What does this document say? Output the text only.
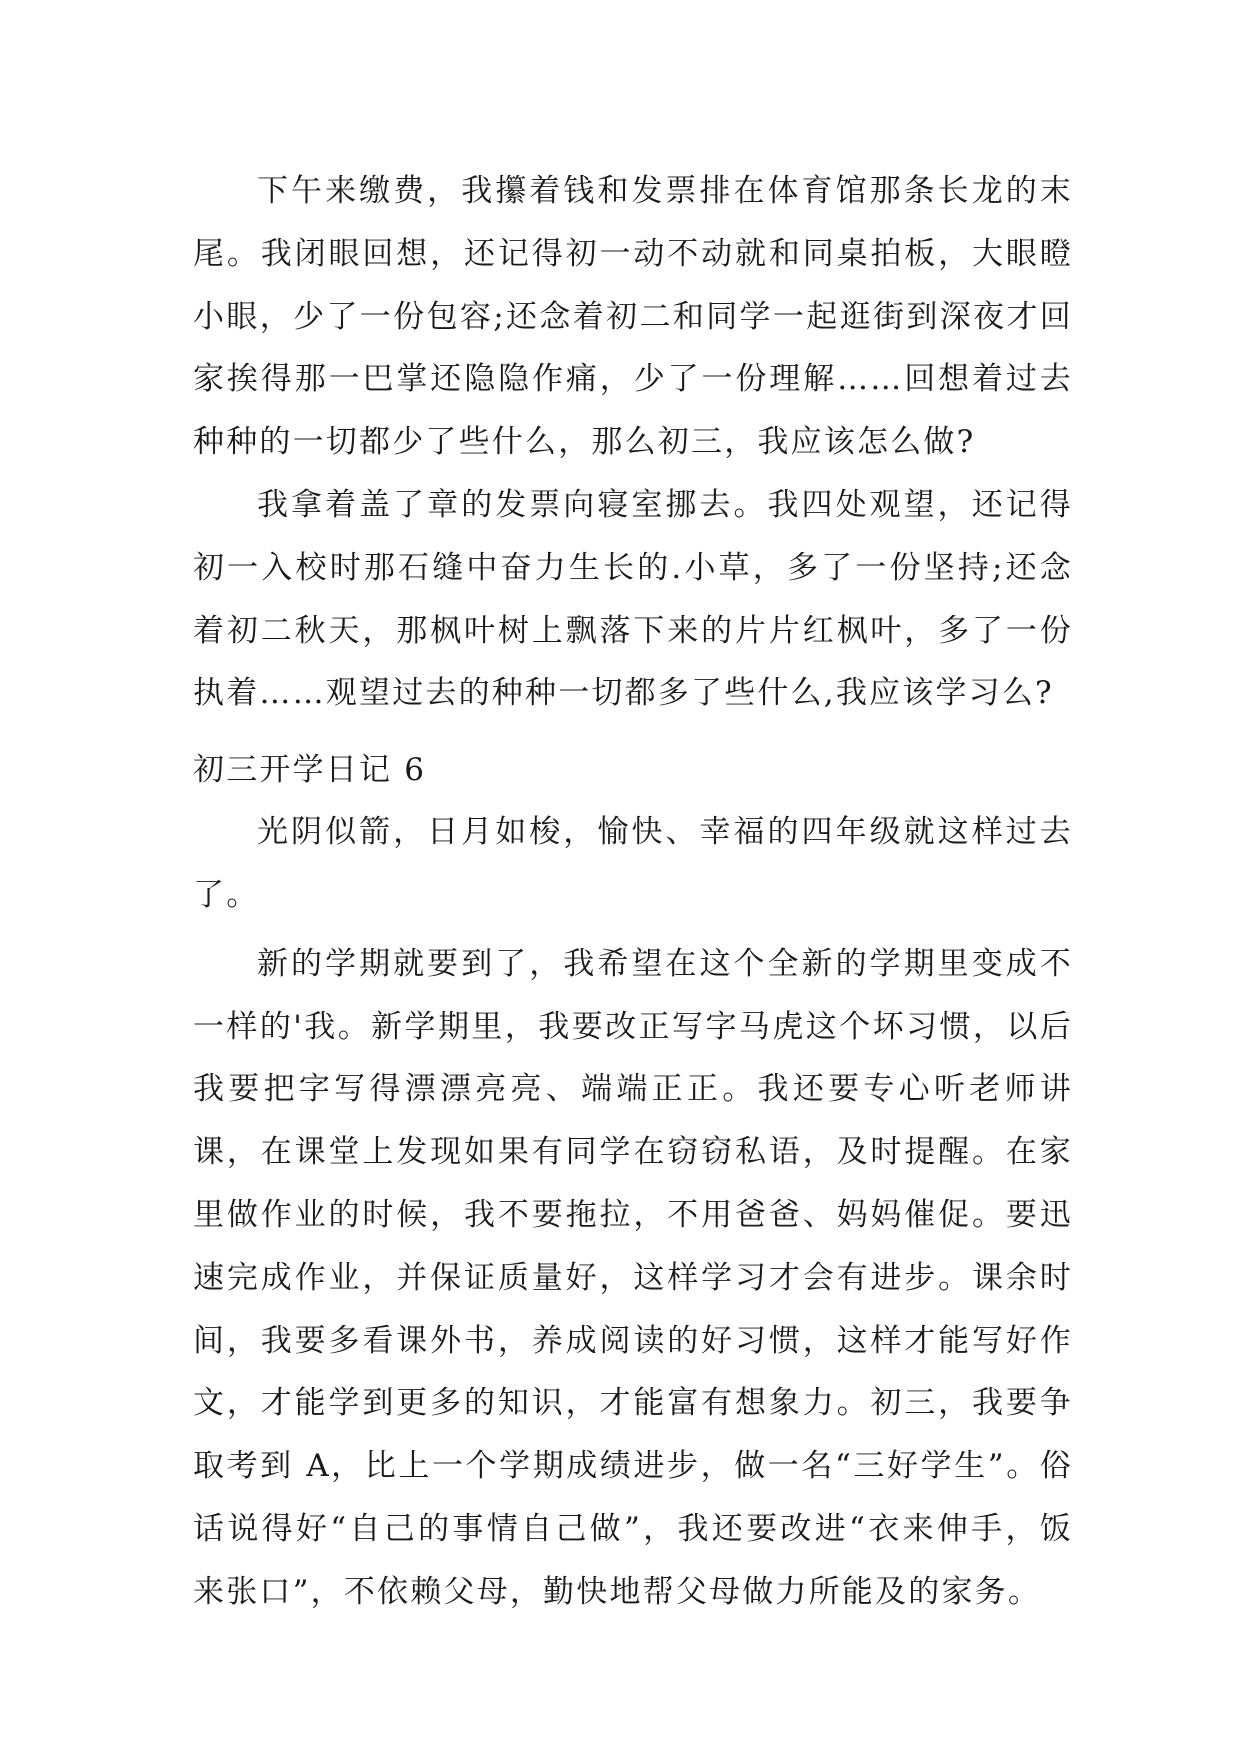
下午来缴费，我攥着钱和发票排在体育馆那条长龙的末尾。我闭眼回想，还记得初一动不动就和同桌拍板，大眼瞪小眼，少了一份包容;还念着初二和同学一起逛街到深夜才回家挨得那一巴掌还隐隐作痛，少了一份理解……回想着过去种种的一切都少了些什么，那么初三，我应该怎么做?

我拿着盖了章的发票向寝室挪去。我四处观望，还记得初一入校时那石缝中奋力生长的.小草，多了一份坚持;还念着初二秋天，那枫叶树上飘落下来的片片红枫叶，多了一份执着……观望过去的种种一切都多了些什么,我应该学习么?

初三开学日记 6

光阴似箭，日月如梭，愉快、幸福的四年级就这样过去了。

新的学期就要到了，我希望在这个全新的学期里变成不一样的'我。新学期里，我要改正写字马虎这个坏习惯，以后我要把字写得漂漂亮亮、端端正正。我还要专心听老师讲课，在课堂上发现如果有同学在窃窃私语，及时提醒。在家里做作业的时候，我不要拖拉，不用爸爸、妈妈催促。要迅速完成作业，并保证质量好，这样学习才会有进步。课余时间，我要多看课外书，养成阅读的好习惯，这样才能写好作文，才能学到更多的知识，才能富有想象力。初三，我要争取考到 A，比上一个学期成绩进步，做一名“三好学生”。俗话说得好“自己的事情自己做”，我还要改进“衣来伸手，饭来张口”，不依赖父母，勤快地帮父母做力所能及的家务。
